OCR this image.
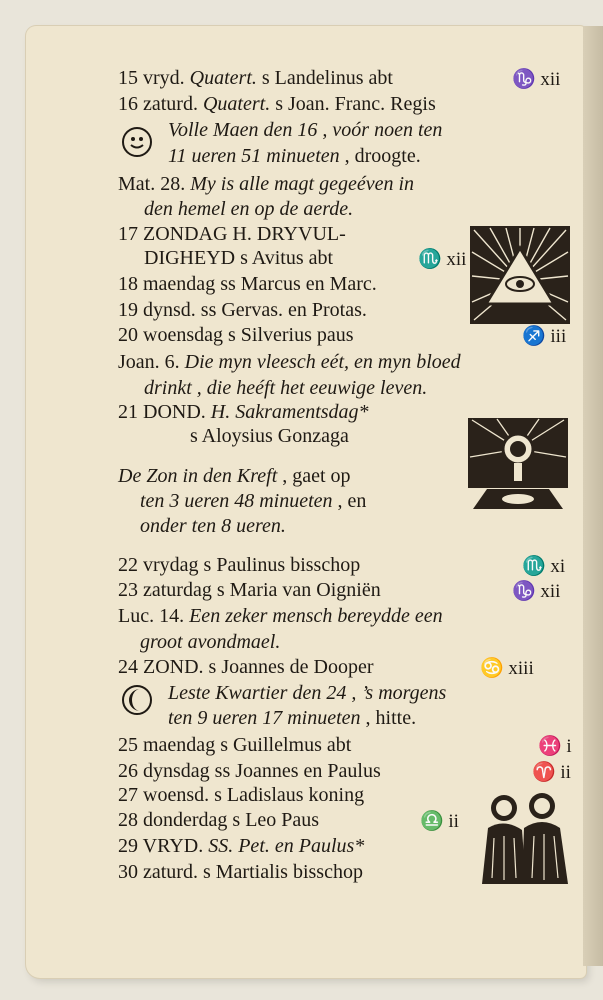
15 vryd. Quatert. s Landelinus abt	♑ xii
16 zaturd. Quatert. s Joan. Franc. Regis
Volle Maen den 16 , voór noen ten
11 ueren 51 minueten , droogte.
Mat. 28. My is alle magt gegeéven in
den hemel en op de aerde.
17 ZONDAG H. DRYVUL-
DIGHEYD s Avitus abt	♏ xii
18 maendag ss Marcus en Marc.
19 dynsd. ss Gervas. en Protas.
20 woensdag s Silverius paus	♐ iii
Joan. 6. Die myn vleesch eét, en myn bloed
drinkt , die heéft het eeuwige leven.
21 DOND. H. Sakramentsdag*
s Aloysius Gonzaga
De Zon in den Kreft , gaet op
ten 3 ueren 48 minueten , en
onder ten 8 ueren.
22 vrydag s Paulinus bisschop	♏ xi
23 zaturdag s Maria van Oigniën	♑ xii
Luc. 14. Een zeker mensch bereydde een
groot avondmael.
24 ZOND. s Joannes de Dooper	♋ xiii
Leste Kwartier den 24 , ’s morgens
ten 9 ueren 17 minueten , hitte.
25 maendag s Guillelmus abt	♓ i
26 dynsdag ss Joannes en Paulus	♈ ii
27 woensd. s Ladislaus koning
28 donderdag s Leo Paus	♎ ii
29 VRYD. SS. Pet. en Paulus*
30 zaturd. s Martialis bisschop
